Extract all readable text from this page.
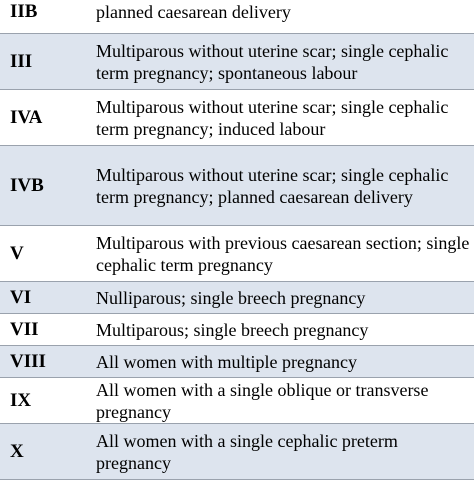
IIB	planned caesarean delivery
III	Multiparous without uterine scar; single cephalic term pregnancy; spontaneous labour
IVA	Multiparous without uterine scar; single cephalic term pregnancy; induced labour
IVB	Multiparous without uterine scar; single cephalic term pregnancy; planned caesarean delivery
V	Multiparous with previous caesarean section; single cephalic term pregnancy
VI	Nulliparous; single breech pregnancy
VII	Multiparous; single breech pregnancy
VIII	All women with multiple pregnancy
IX	All women with a single oblique or transverse pregnancy
X	All women with a single cephalic preterm pregnancy
